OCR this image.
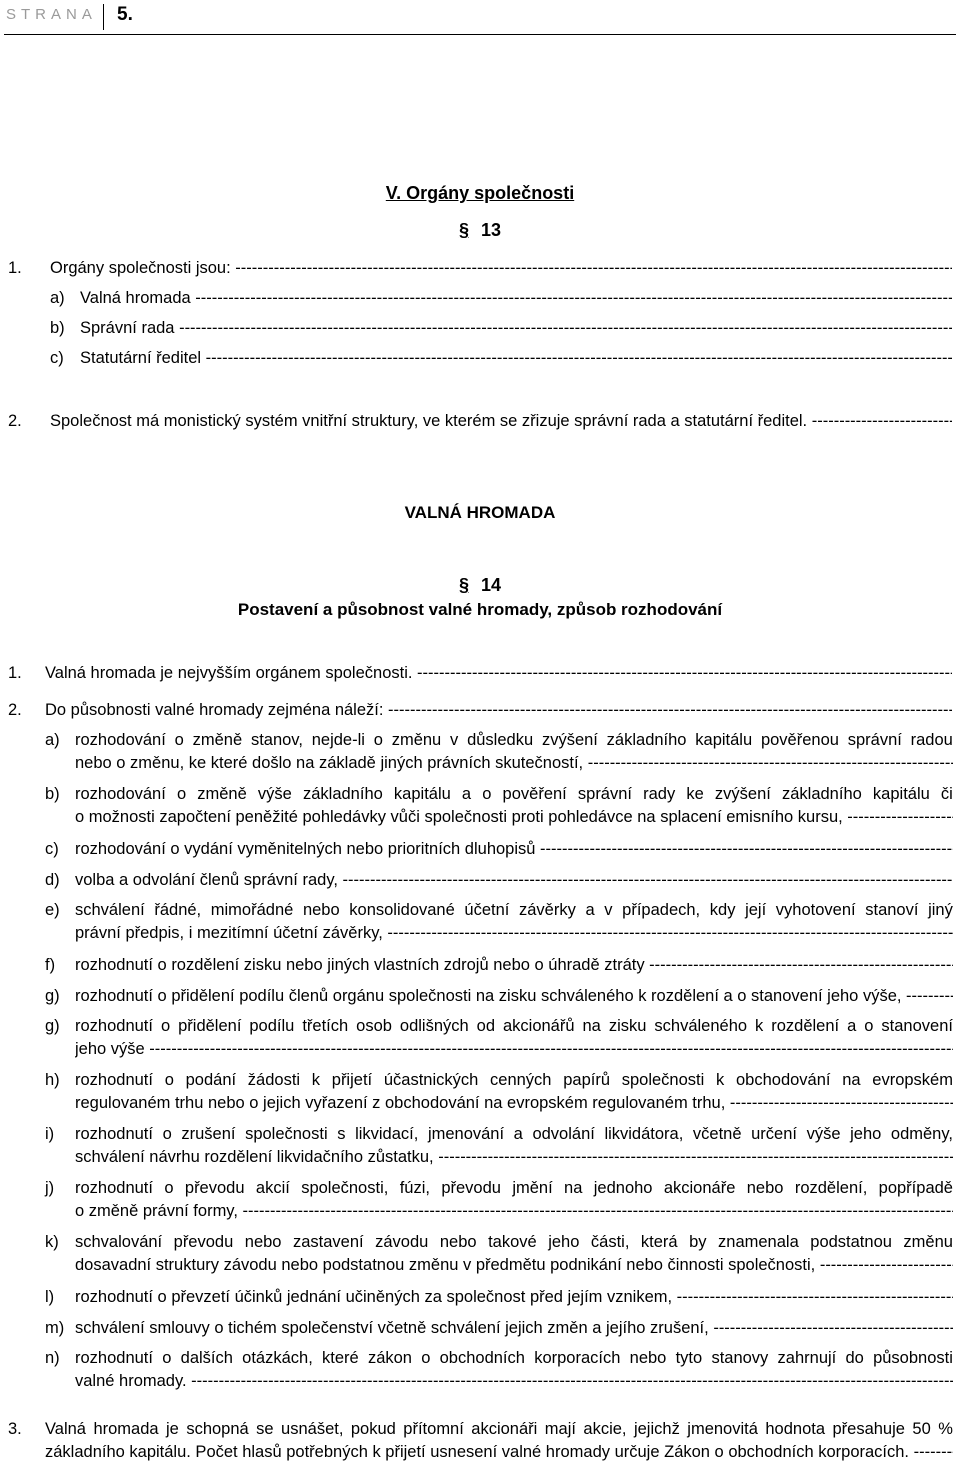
STRANA 5.
V. Orgány společnosti
§ 13
1. Orgány společnosti jsou: -----
a) Valná hromada -----
b) Správní rada -----
c) Statutární ředitel -----
2. Společnost má monistický systém vnitřní struktury, ve kterém se zřizuje správní rada a statutární ředitel. -----
VALNÁ HROMADA
§ 14
Postavení a působnost valné hromady, způsob rozhodování
1. Valná hromada je nejvyšším orgánem společnosti. -----
2. Do působnosti valné hromady zejména náleží: -----
a) rozhodování o změně stanov, nejde-li o změnu v důsledku zvýšení základního kapitálu pověřenou správní radou
nebo o změnu, ke které došlo na základě jiných právních skutečností, -----
b) rozhodování o změně výše základního kapitálu a o pověření správní rady ke zvýšení základního kapitálu či
o možnosti započtení peněžité pohledávky vůči společnosti proti pohledávce na splacení emisního kursu, -----
c) rozhodování o vydání vyměnitelných nebo prioritních dluhopisů -----
d) volba a odvolání členů správní rady, -----
e) schválení řádné, mimořádné nebo konsolidované účetní závěrky a v případech, kdy její vyhotovení stanoví jiný
právní předpis, i mezitímní účetní závěrky, -----
f) rozhodnutí o rozdělení zisku nebo jiných vlastních zdrojů nebo o úhradě ztráty -----
g) rozhodnutí o přidělení podílu členů orgánu společnosti na zisku schváleného k rozdělení a o stanovení jeho výše, -----
g) rozhodnutí o přidělení podílu třetích osob odlišných od akcionářů na zisku schváleného k rozdělení a o stanovení
jeho výše -----
h) rozhodnutí o podání žádosti k přijetí účastnických cenných papírů společnosti k obchodování na evropském
regulovaném trhu nebo o jejich vyřazení z obchodování na evropském regulovaném trhu, -----
i) rozhodnutí o zrušení společnosti s likvidací, jmenování a odvolání likvidátora, včetně určení výše jeho odměny,
schválení návrhu rozdělení likvidačního zůstatku, -----
j) rozhodnutí o převodu akcií společnosti, fúzi, převodu jmění na jednoho akcionáře nebo rozdělení, popřípadě
o změně právní formy, -----
k) schvalování převodu nebo zastavení závodu nebo takové jeho části, která by znamenala podstatnou změnu
dosavadní struktury závodu nebo podstatnou změnu v předmětu podnikání nebo činnosti společnosti, -----
l) rozhodnutí o převzetí účinků jednání učiněných za společnost před jejím vznikem, -----
m) schválení smlouvy o tichém společenství včetně schválení jejich změn a jejího zrušení, -----
n) rozhodnutí o dalších otázkách, které zákon o obchodních korporacích nebo tyto stanovy zahrnují do působnosti
valné hromady. -----
3. Valná hromada je schopná se usnášet, pokud přítomní akcionáři mají akcie, jejichž jmenovitá hodnota přesahuje 50 %
základního kapitálu. Počet hlasů potřebných k přijetí usnesení valné hromady určuje Zákon o obchodních korporacích. -----
